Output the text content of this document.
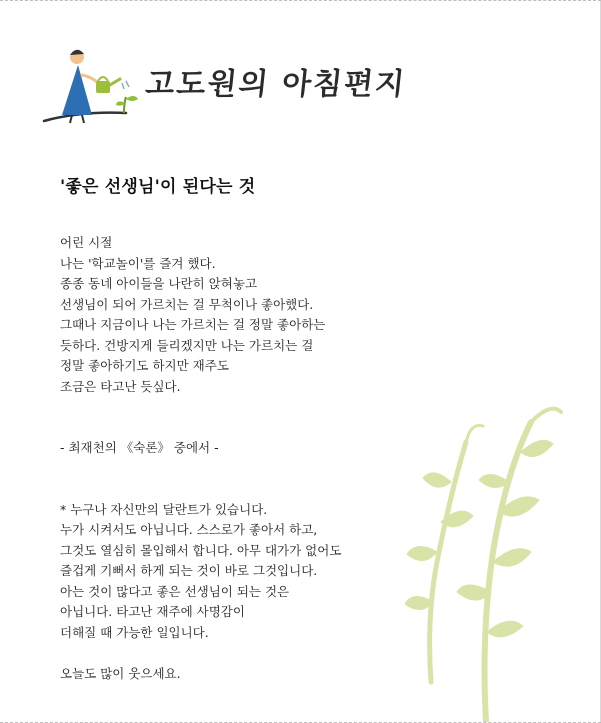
고도원의 아침편지
'좋은 선생님'이 된다는 것
어린 시절
나는 '학교놀이'를 즐겨 했다.
종종 동네 아이들을 나란히 앉혀놓고
선생님이 되어 가르치는 걸 무척이나 좋아했다.
그때나 지금이나 나는 가르치는 걸 정말 좋아하는
듯하다. 건방지게 들리겠지만 나는 가르치는 걸
정말 좋아하기도 하지만 재주도
조금은 타고난 듯싶다.
- 최재천의 《숙론》 중에서 -
* 누구나 자신만의 달란트가 있습니다.
누가 시켜서도 아닙니다. 스스로가 좋아서 하고,
그것도 열심히 몰입해서 합니다. 아무 대가가 없어도
즐겁게 기뻐서 하게 되는 것이 바로 그것입니다.
아는 것이 많다고 좋은 선생님이 되는 것은
아닙니다. 타고난 재주에 사명감이
더해질 때 가능한 일입니다.
오늘도 많이 웃으세요.
